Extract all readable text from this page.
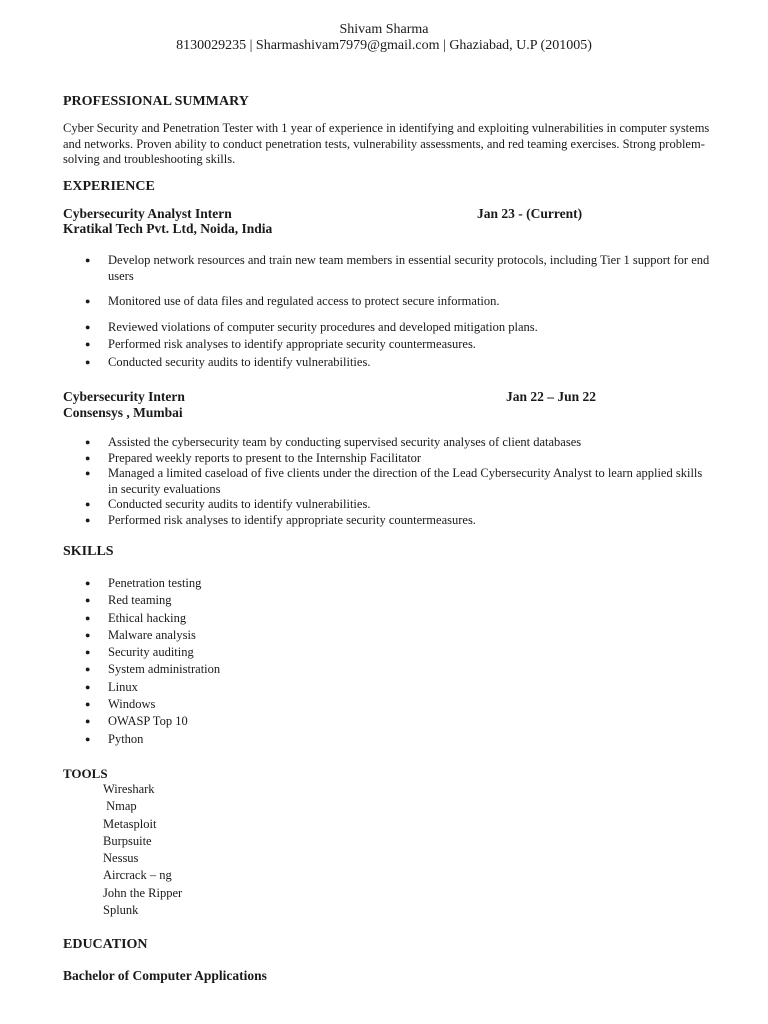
Shivam Sharma
8130029235 | Sharmashivam7979@gmail.com | Ghaziabad, U.P (201005)
PROFESSIONAL SUMMARY
Cyber Security and Penetration Tester with 1 year of experience in identifying and exploiting vulnerabilities in computer systems and networks. Proven ability to conduct penetration tests, vulnerability assessments, and red teaming exercises. Strong problem-solving and troubleshooting skills.
EXPERIENCE
Cybersecurity Analyst Intern	Jan 23 - (Current)
Kratikal Tech Pvt. Ltd, Noida, India
● Develop network resources and train new team members in essential security protocols, including Tier 1 support for end users
● Monitored use of data files and regulated access to protect secure information.
● Reviewed violations of computer security procedures and developed mitigation plans.
● Performed risk analyses to identify appropriate security countermeasures.
● Conducted security audits to identify vulnerabilities.
Cybersecurity Intern	Jan 22 – Jun 22
Consensys , Mumbai
● Assisted the cybersecurity team by conducting supervised security analyses of client databases
● Prepared weekly reports to present to the Internship Facilitator
● Managed a limited caseload of five clients under the direction of the Lead Cybersecurity Analyst to learn applied skills in security evaluations
● Conducted security audits to identify vulnerabilities.
● Performed risk analyses to identify appropriate security countermeasures.
SKILLS
● Penetration testing
● Red teaming
● Ethical hacking
● Malware analysis
● Security auditing
● System administration
● Linux
● Windows
● OWASP Top 10
● Python
TOOLS
Wireshark
Nmap
Metasploit
Burpsuite
Nessus
Aircrack – ng
John the Ripper
Splunk
EDUCATION
Bachelor of Computer Applications
